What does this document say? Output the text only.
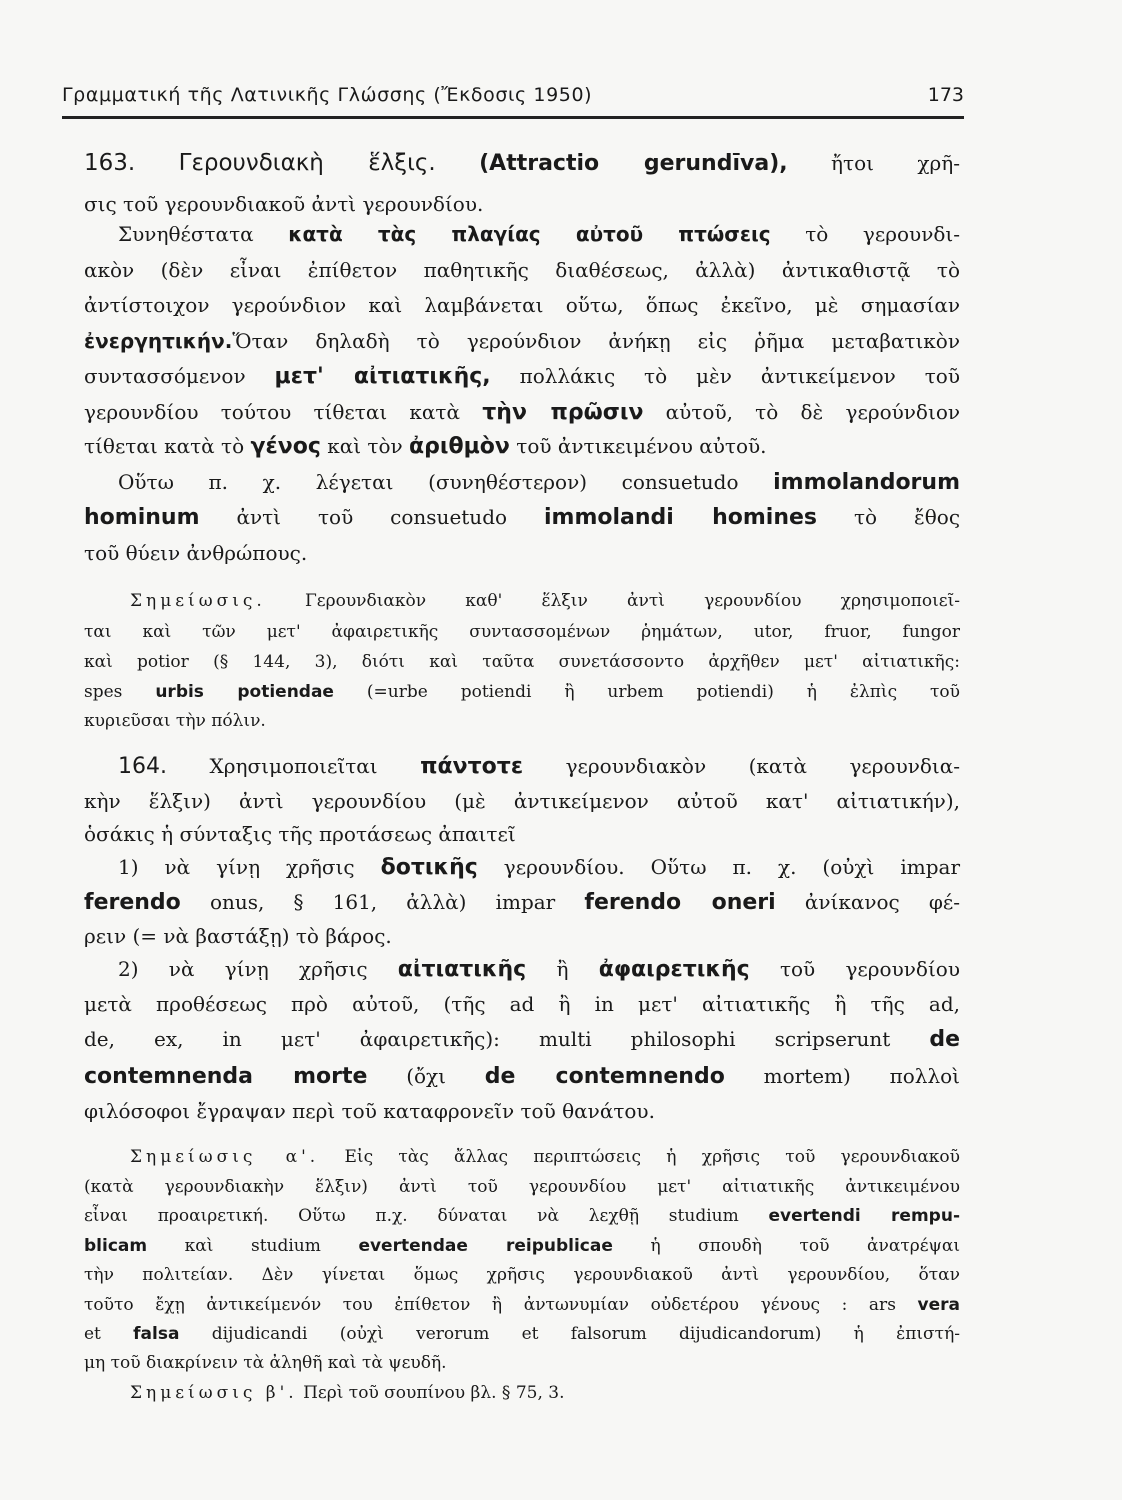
Γραμματική τῆς Λατινικῆς Γλώσσης (Ἔκδοσις 1950)	173
163. Γερουνδιακὴ ἕλξις. (Attractio gerundīva), ἤτοι χρῆ-
σις τοῦ γερουνδιακοῦ ἀντὶ γερουνδίου.
Συνηθέστατα κατὰ τὰς πλαγίας αὐτοῦ πτώσεις τὸ γερουνδι-
ακὸν (δὲν εἶναι ἐπίθετον παθητικῆς διαθέσεως, ἀλλὰ) ἀντικαθιστᾷ τὸ
ἀντίστοιχον γερούνδιον καὶ λαμβάνεται οὕτω, ὅπως ἐκεῖνο, μὲ σημασίαν
ἐνεργητικήν.Ὅταν δηλαδὴ τὸ γερούνδιον ἀνήκῃ εἰς ῥῆμα μεταβατικὸν
συντασσόμενον μετ' αἰτιατικῆς, πολλάκις τὸ μὲν ἀντικείμενον τοῦ
γερουνδίου τούτου τίθεται κατὰ τὴν πρῶσιν αὐτοῦ, τὸ δὲ γερούνδιον
τίθεται κατὰ τὸ γένος καὶ τὸν ἀριθμὸν τοῦ ἀντικειμένου αὐτοῦ.
Οὕτω π. χ. λέγεται (συνηθέστερον) consuetudo immolandorum
hominum ἀντὶ τοῦ consuetudo immolandi homines τὸ ἔθος
τοῦ θύειν ἀνθρώπους.
Σημείωσις. Γερουνδιακὸν καθ' ἕλξιν ἀντὶ γερουνδίου χρησιμοποιεῖ-
ται καὶ τῶν μετ' ἀφαιρετικῆς συντασσομένων ῥημάτων, utor, fruor, fungor
καὶ potior (§ 144, 3), διότι καὶ ταῦτα συνετάσσοντο ἀρχῆθεν μετ' αἰτιατικῆς:
spes urbis potiendae (=urbe potiendi ἢ urbem potiendi) ἡ ἐλπὶς τοῦ
κυριεῦσαι τὴν πόλιν.
164. Χρησιμοποιεῖται πάντοτε γερουνδιακὸν (κατὰ γερουνδια-
κὴν ἕλξιν) ἀντὶ γερουνδίου (μὲ ἀντικείμενον αὐτοῦ κατ' αἰτιατικήν),
ὁσάκις ἡ σύνταξις τῆς προτάσεως ἀπαιτεῖ
1) νὰ γίνῃ χρῆσις δοτικῆς γερουνδίου. Οὕτω π. χ. (οὐχὶ impar
ferendo onus, § 161, ἀλλὰ) impar ferendo oneri ἀνίκανος φέ-
ρειν (= νὰ βαστάξῃ) τὸ βάρος.
2) νὰ γίνῃ χρῆσις αἰτιατικῆς ἢ ἀφαιρετικῆς τοῦ γερουνδίου
μετὰ προθέσεως πρὸ αὐτοῦ, (τῆς ad ἢ in μετ' αἰτιατικῆς ἢ τῆς ad,
de, ex, in μετ' ἀφαιρετικῆς): multi philosophi scripserunt de
contemnenda morte (ὄχι de contemnendo mortem) πολλοὶ
φιλόσοφοι ἔγραψαν περὶ τοῦ καταφρονεῖν τοῦ θανάτου.
Σημείωσις α'. Εἰς τὰς ἄλλας περιπτώσεις ἡ χρῆσις τοῦ γερουνδιακοῦ
(κατὰ γερουνδιακὴν ἕλξιν) ἀντὶ τοῦ γερουνδίου μετ' αἰτιατικῆς ἀντικειμένου
εἶναι προαιρετική. Οὕτω π.χ. δύναται νὰ λεχθῇ studium evertendi rempu-
blicam καὶ studium evertendae reipublicae ἡ σπουδὴ τοῦ ἀνατρέψαι
τὴν πολιτείαν. Δὲν γίνεται ὅμως χρῆσις γερουνδιακοῦ ἀντὶ γερουνδίου, ὅταν
τοῦτο ἔχῃ ἀντικείμενόν του ἐπίθετον ἢ ἀντωνυμίαν οὐδετέρου γένους : ars vera
et falsa dijudicandi (οὐχὶ verorum et falsorum dijudicandorum) ἡ ἐπιστή-
μη τοῦ διακρίνειν τὰ ἀληθῆ καὶ τὰ ψευδῆ.
Σημείωσις β'. Περὶ τοῦ σουπίνου βλ. § 75, 3.
